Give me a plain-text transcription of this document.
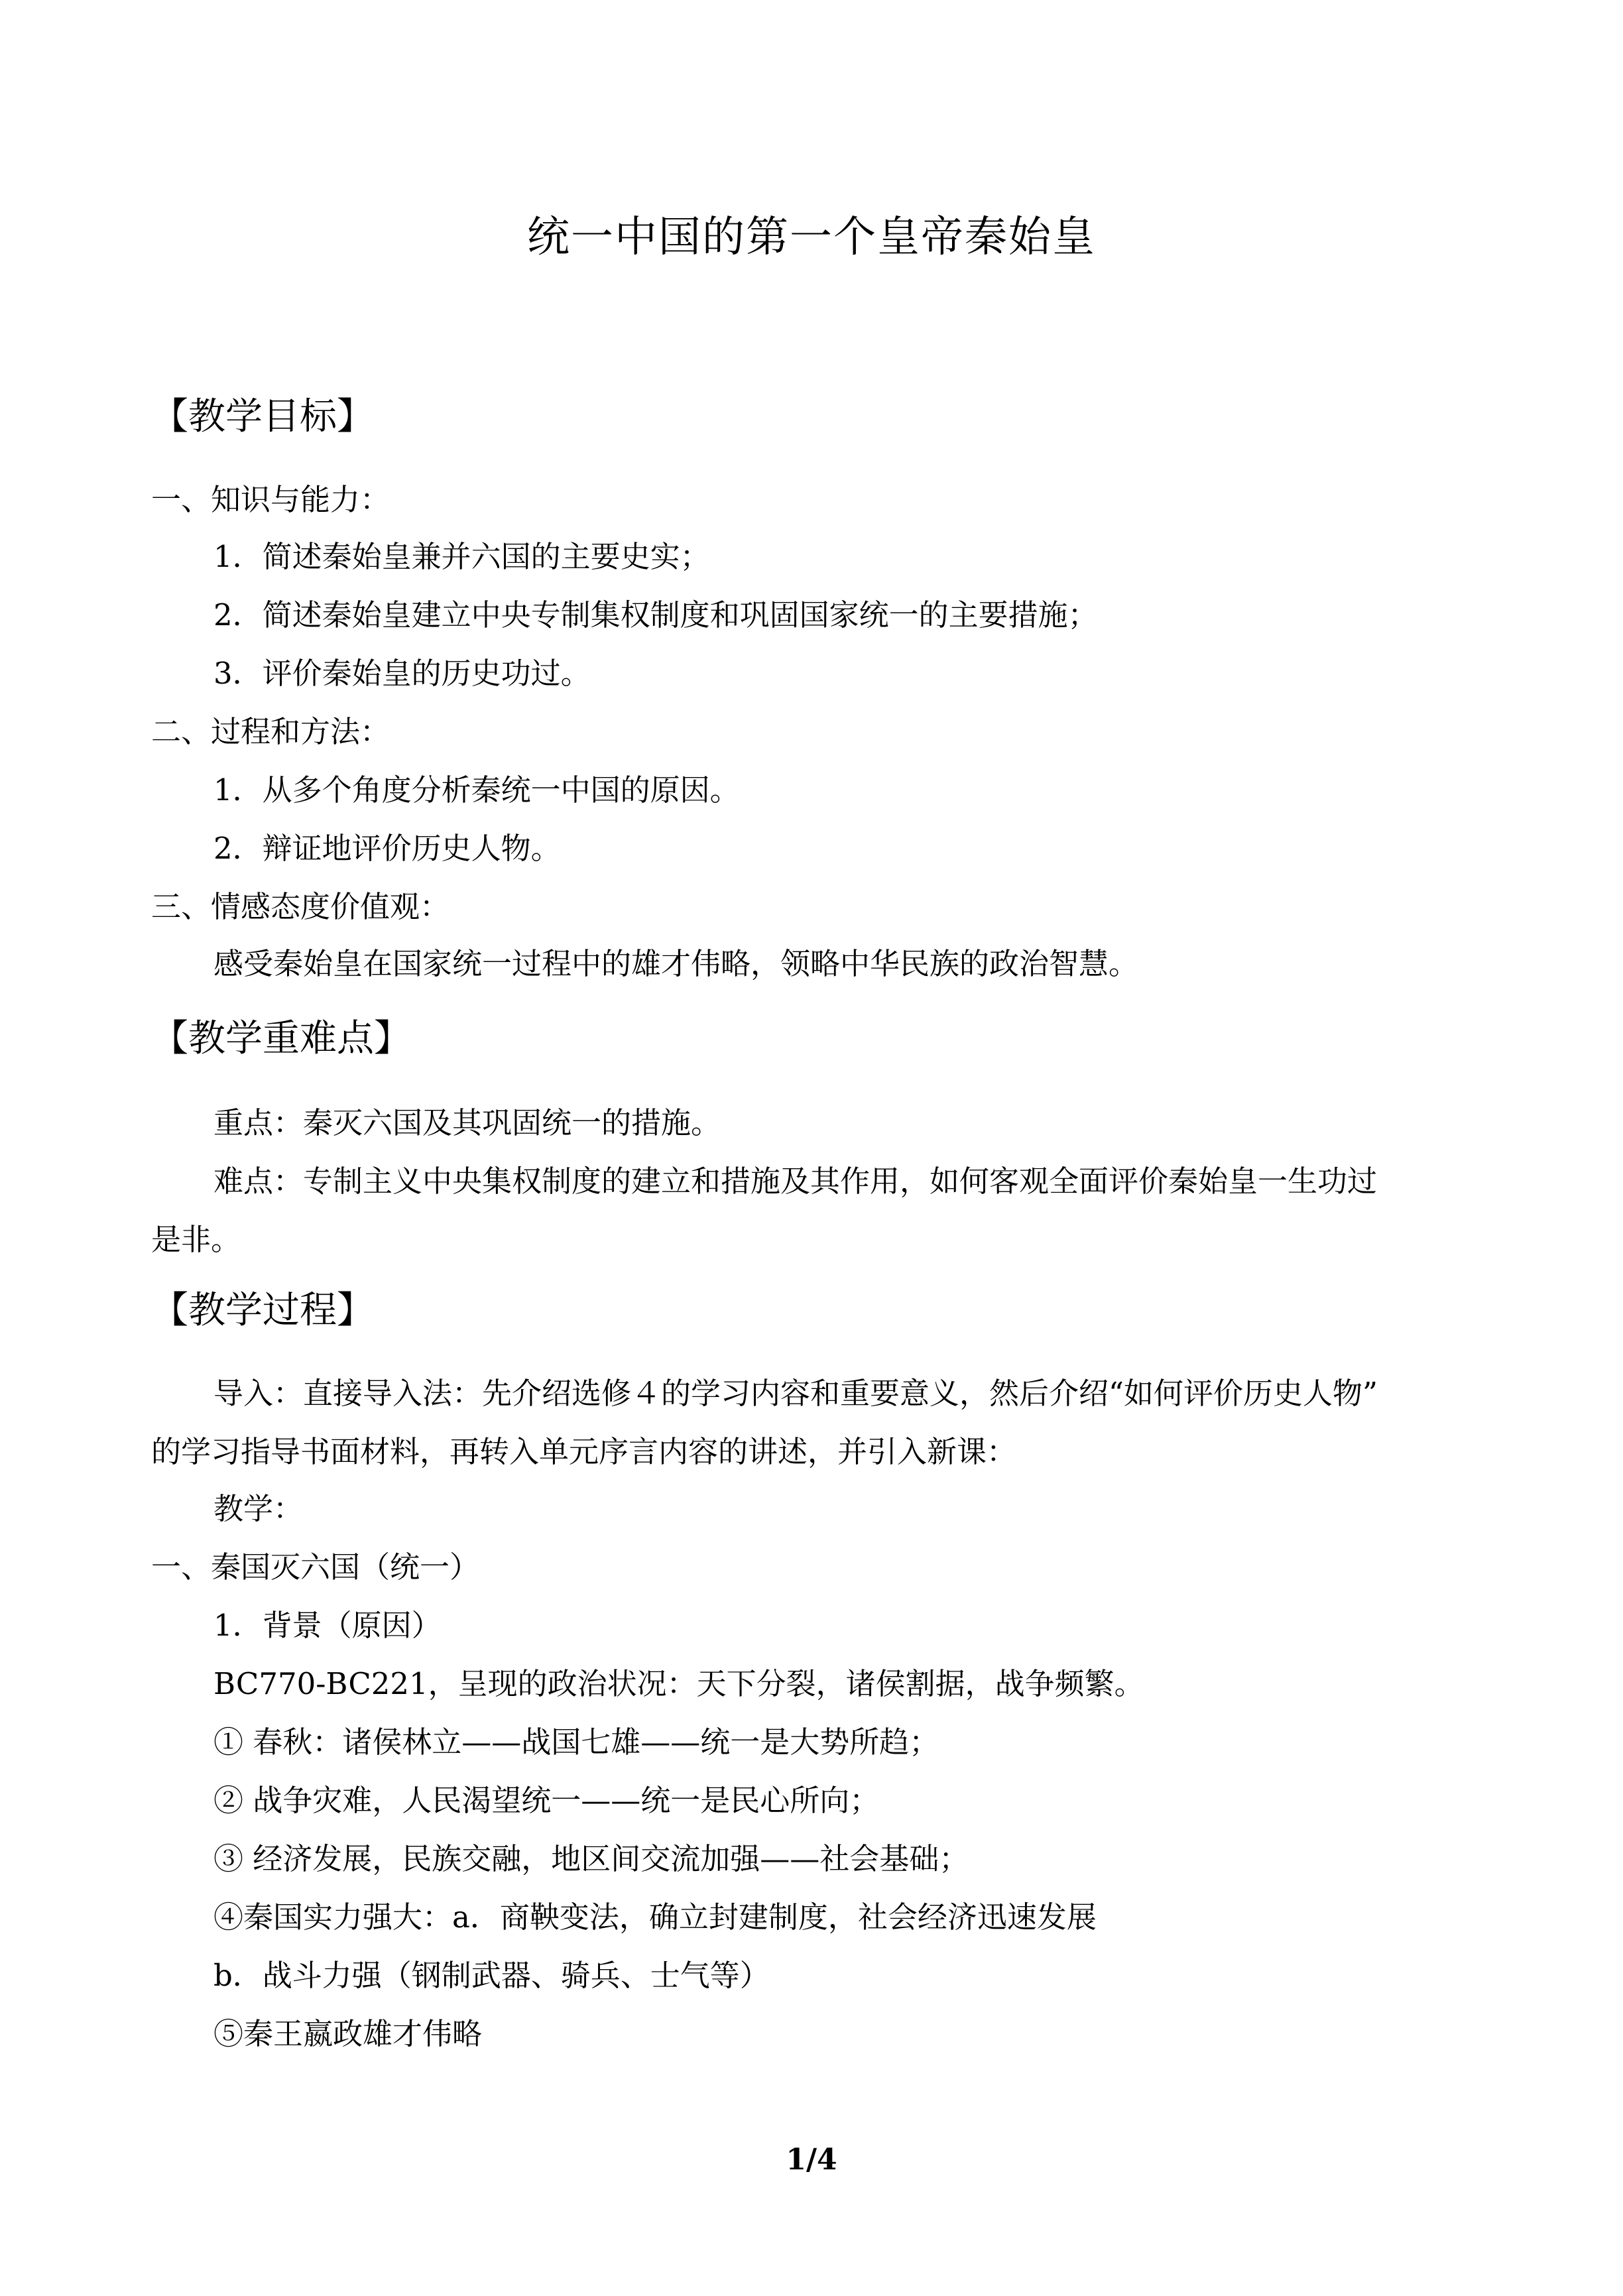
统一中国的第一个皇帝秦始皇
【教学目标】
一、知识与能力：
1．简述秦始皇兼并六国的主要史实；
2．简述秦始皇建立中央专制集权制度和巩固国家统一的主要措施；
3．评价秦始皇的历史功过。
二、过程和方法：
1．从多个角度分析秦统一中国的原因。
2．辩证地评价历史人物。
三、情感态度价值观：
感受秦始皇在国家统一过程中的雄才伟略，领略中华民族的政治智慧。
【教学重难点】
重点：秦灭六国及其巩固统一的措施。
难点：专制主义中央集权制度的建立和措施及其作用，如何客观全面评价秦始皇一生功过
是非。
【教学过程】
导入：直接导入法：先介绍选修４的学习内容和重要意义，然后介绍“如何评价历史人物”
的学习指导书面材料，再转入单元序言内容的讲述，并引入新课：
教学：
一、秦国灭六国（统一）
1．背景（原因）
BC770-BC221，呈现的政治状况：天下分裂，诸侯割据，战争频繁。
① 春秋：诸侯林立——战国七雄——统一是大势所趋；
② 战争灾难，人民渴望统一——统一是民心所向；
③ 经济发展，民族交融，地区间交流加强——社会基础；
④秦国实力强大：a．商鞅变法，确立封建制度，社会经济迅速发展
b．战斗力强（钢制武器、骑兵、士气等）
⑤秦王嬴政雄才伟略
1/4
